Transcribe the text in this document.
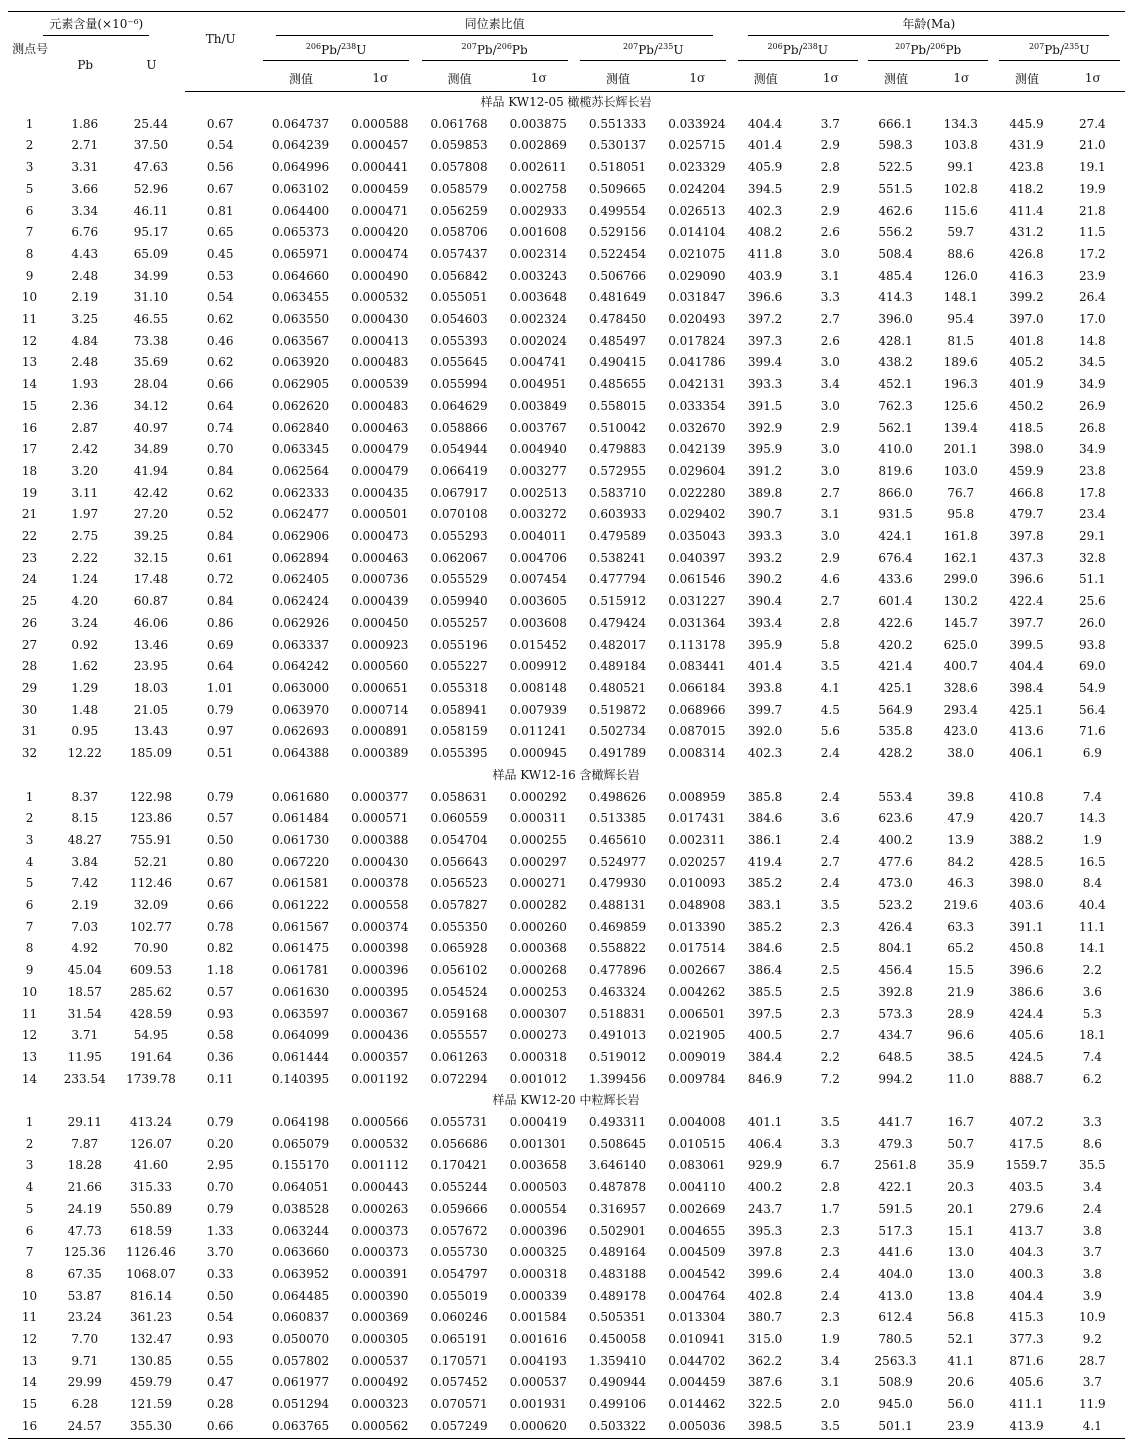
元素含量(×10⁻⁶)			Th/U	同位素比值						年龄(Ma)					
测点号	Pb	U		$^{206}$Pb/$^{238}$U		$^{207}$Pb/$^{206}$Pb		$^{207}$Pb/$^{235}$U		$^{206}$Pb/$^{238}$U		$^{207}$Pb/$^{206}$Pb		$^{207}$Pb/$^{235}$U	
				测值	1σ	测值	1σ	测值	1σ	测值	1σ	测值	1σ	测值	1σ
样品 KW12-05 橄榄苏长辉长岩															
1	1.86	25.44	0.67	0.064737	0.000588	0.061768	0.003875	0.551333	0.033924	404.4	3.7	666.1	134.3	445.9	27.4
2	2.71	37.50	0.54	0.064239	0.000457	0.059853	0.002869	0.530137	0.025715	401.4	2.9	598.3	103.8	431.9	21.0
3	3.31	47.63	0.56	0.064996	0.000441	0.057808	0.002611	0.518051	0.023329	405.9	2.8	522.5	99.1	423.8	19.1
5	3.66	52.96	0.67	0.063102	0.000459	0.058579	0.002758	0.509665	0.024204	394.5	2.9	551.5	102.8	418.2	19.9
6	3.34	46.11	0.81	0.064400	0.000471	0.056259	0.002933	0.499554	0.026513	402.3	2.9	462.6	115.6	411.4	21.8
7	6.76	95.17	0.65	0.065373	0.000420	0.058706	0.001608	0.529156	0.014104	408.2	2.6	556.2	59.7	431.2	11.5
8	4.43	65.09	0.45	0.065971	0.000474	0.057437	0.002314	0.522454	0.021075	411.8	3.0	508.4	88.6	426.8	17.2
9	2.48	34.99	0.53	0.064660	0.000490	0.056842	0.003243	0.506766	0.029090	403.9	3.1	485.4	126.0	416.3	23.9
10	2.19	31.10	0.54	0.063455	0.000532	0.055051	0.003648	0.481649	0.031847	396.6	3.3	414.3	148.1	399.2	26.4
11	3.25	46.55	0.62	0.063550	0.000430	0.054603	0.002324	0.478450	0.020493	397.2	2.7	396.0	95.4	397.0	17.0
12	4.84	73.38	0.46	0.063567	0.000413	0.055393	0.002024	0.485497	0.017824	397.3	2.6	428.1	81.5	401.8	14.8
13	2.48	35.69	0.62	0.063920	0.000483	0.055645	0.004741	0.490415	0.041786	399.4	3.0	438.2	189.6	405.2	34.5
14	1.93	28.04	0.66	0.062905	0.000539	0.055994	0.004951	0.485655	0.042131	393.3	3.4	452.1	196.3	401.9	34.9
15	2.36	34.12	0.64	0.062620	0.000483	0.064629	0.003849	0.558015	0.033354	391.5	3.0	762.3	125.6	450.2	26.9
16	2.87	40.97	0.74	0.062840	0.000463	0.058866	0.003767	0.510042	0.032670	392.9	2.9	562.1	139.4	418.5	26.8
17	2.42	34.89	0.70	0.063345	0.000479	0.054944	0.004940	0.479883	0.042139	395.9	3.0	410.0	201.1	398.0	34.9
18	3.20	41.94	0.84	0.062564	0.000479	0.066419	0.003277	0.572955	0.029604	391.2	3.0	819.6	103.0	459.9	23.8
19	3.11	42.42	0.62	0.062333	0.000435	0.067917	0.002513	0.583710	0.022280	389.8	2.7	866.0	76.7	466.8	17.8
21	1.97	27.20	0.52	0.062477	0.000501	0.070108	0.003272	0.603933	0.029402	390.7	3.1	931.5	95.8	479.7	23.4
22	2.75	39.25	0.84	0.062906	0.000473	0.055293	0.004011	0.479589	0.035043	393.3	3.0	424.1	161.8	397.8	29.1
23	2.22	32.15	0.61	0.062894	0.000463	0.062067	0.004706	0.538241	0.040397	393.2	2.9	676.4	162.1	437.3	32.8
24	1.24	17.48	0.72	0.062405	0.000736	0.055529	0.007454	0.477794	0.061546	390.2	4.6	433.6	299.0	396.6	51.1
25	4.20	60.87	0.84	0.062424	0.000439	0.059940	0.003605	0.515912	0.031227	390.4	2.7	601.4	130.2	422.4	25.6
26	3.24	46.06	0.86	0.062926	0.000450	0.055257	0.003608	0.479424	0.031364	393.4	2.8	422.6	145.7	397.7	26.0
27	0.92	13.46	0.69	0.063337	0.000923	0.055196	0.015452	0.482017	0.113178	395.9	5.8	420.2	625.0	399.5	93.8
28	1.62	23.95	0.64	0.064242	0.000560	0.055227	0.009912	0.489184	0.083441	401.4	3.5	421.4	400.7	404.4	69.0
29	1.29	18.03	1.01	0.063000	0.000651	0.055318	0.008148	0.480521	0.066184	393.8	4.1	425.1	328.6	398.4	54.9
30	1.48	21.05	0.79	0.063970	0.000714	0.058941	0.007939	0.519872	0.068966	399.7	4.5	564.9	293.4	425.1	56.4
31	0.95	13.43	0.97	0.062693	0.000891	0.058159	0.011241	0.502734	0.087015	392.0	5.6	535.8	423.0	413.6	71.6
32	12.22	185.09	0.51	0.064388	0.000389	0.055395	0.000945	0.491789	0.008314	402.3	2.4	428.2	38.0	406.1	6.9
样品 KW12-16 含橄辉长岩															
1	8.37	122.98	0.79	0.061680	0.000377	0.058631	0.000292	0.498626	0.008959	385.8	2.4	553.4	39.8	410.8	7.4
2	8.15	123.86	0.57	0.061484	0.000571	0.060559	0.000311	0.513385	0.017431	384.6	3.6	623.6	47.9	420.7	14.3
3	48.27	755.91	0.50	0.061730	0.000388	0.054704	0.000255	0.465610	0.002311	386.1	2.4	400.2	13.9	388.2	1.9
4	3.84	52.21	0.80	0.067220	0.000430	0.056643	0.000297	0.524977	0.020257	419.4	2.7	477.6	84.2	428.5	16.5
5	7.42	112.46	0.67	0.061581	0.000378	0.056523	0.000271	0.479930	0.010093	385.2	2.4	473.0	46.3	398.0	8.4
6	2.19	32.09	0.66	0.061222	0.000558	0.057827	0.000282	0.488131	0.048908	383.1	3.5	523.2	219.6	403.6	40.4
7	7.03	102.77	0.78	0.061567	0.000374	0.055350	0.000260	0.469859	0.013390	385.2	2.3	426.4	63.3	391.1	11.1
8	4.92	70.90	0.82	0.061475	0.000398	0.065928	0.000368	0.558822	0.017514	384.6	2.5	804.1	65.2	450.8	14.1
9	45.04	609.53	1.18	0.061781	0.000396	0.056102	0.000268	0.477896	0.002667	386.4	2.5	456.4	15.5	396.6	2.2
10	18.57	285.62	0.57	0.061630	0.000395	0.054524	0.000253	0.463324	0.004262	385.5	2.5	392.8	21.9	386.6	3.6
11	31.54	428.59	0.93	0.063597	0.000367	0.059168	0.000307	0.518831	0.006501	397.5	2.3	573.3	28.9	424.4	5.3
12	3.71	54.95	0.58	0.064099	0.000436	0.055557	0.000273	0.491013	0.021905	400.5	2.7	434.7	96.6	405.6	18.1
13	11.95	191.64	0.36	0.061444	0.000357	0.061263	0.000318	0.519012	0.009019	384.4	2.2	648.5	38.5	424.5	7.4
14	233.54	1739.78	0.11	0.140395	0.001192	0.072294	0.001012	1.399456	0.009784	846.9	7.2	994.2	11.0	888.7	6.2
样品 KW12-20 中粒辉长岩															
1	29.11	413.24	0.79	0.064198	0.000566	0.055731	0.000419	0.493311	0.004008	401.1	3.5	441.7	16.7	407.2	3.3
2	7.87	126.07	0.20	0.065079	0.000532	0.056686	0.001301	0.508645	0.010515	406.4	3.3	479.3	50.7	417.5	8.6
3	18.28	41.60	2.95	0.155170	0.001112	0.170421	0.003658	3.646140	0.083061	929.9	6.7	2561.8	35.9	1559.7	35.5
4	21.66	315.33	0.70	0.064051	0.000443	0.055244	0.000503	0.487878	0.004110	400.2	2.8	422.1	20.3	403.5	3.4
5	24.19	550.89	0.79	0.038528	0.000263	0.059666	0.000554	0.316957	0.002669	243.7	1.7	591.5	20.1	279.6	2.4
6	47.73	618.59	1.33	0.063244	0.000373	0.057672	0.000396	0.502901	0.004655	395.3	2.3	517.3	15.1	413.7	3.8
7	125.36	1126.46	3.70	0.063660	0.000373	0.055730	0.000325	0.489164	0.004509	397.8	2.3	441.6	13.0	404.3	3.7
8	67.35	1068.07	0.33	0.063952	0.000391	0.054797	0.000318	0.483188	0.004542	399.6	2.4	404.0	13.0	400.3	3.8
10	53.87	816.14	0.50	0.064485	0.000390	0.055019	0.000339	0.489178	0.004764	402.8	2.4	413.0	13.8	404.4	3.9
11	23.24	361.23	0.54	0.060837	0.000369	0.060246	0.001584	0.505351	0.013304	380.7	2.3	612.4	56.8	415.3	10.9
12	7.70	132.47	0.93	0.050070	0.000305	0.065191	0.001616	0.450058	0.010941	315.0	1.9	780.5	52.1	377.3	9.2
13	9.71	130.85	0.55	0.057802	0.000537	0.170571	0.004193	1.359410	0.044702	362.2	3.4	2563.3	41.1	871.6	28.7
14	29.99	459.79	0.47	0.061977	0.000492	0.057452	0.000537	0.490944	0.004459	387.6	3.1	508.9	20.6	405.6	3.7
15	6.28	121.59	0.28	0.051294	0.000323	0.070571	0.001931	0.499106	0.014462	322.5	2.0	945.0	56.0	411.1	11.9
16	24.57	355.30	0.66	0.063765	0.000562	0.057249	0.000620	0.503322	0.005036	398.5	3.5	501.1	23.9	413.9	4.1
